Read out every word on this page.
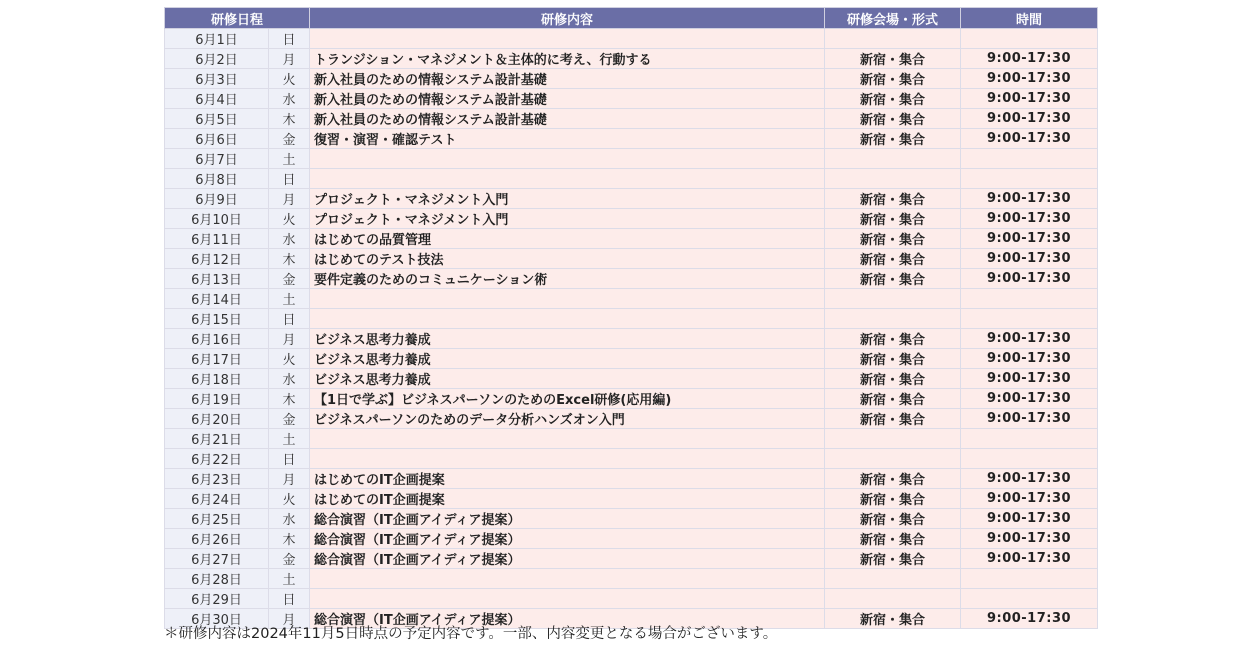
研修日程		研修内容	研修会場・形式	時間
6月1日	日			
6月2日	月	トランジション・マネジメント＆主体的に考え、行動する	新宿・集合	9:00-17:30
6月3日	火	新入社員のための情報システム設計基礎	新宿・集合	9:00-17:30
6月4日	水	新入社員のための情報システム設計基礎	新宿・集合	9:00-17:30
6月5日	木	新入社員のための情報システム設計基礎	新宿・集合	9:00-17:30
6月6日	金	復習・演習・確認テスト	新宿・集合	9:00-17:30
6月7日	土			
6月8日	日			
6月9日	月	プロジェクト・マネジメント入門	新宿・集合	9:00-17:30
6月10日	火	プロジェクト・マネジメント入門	新宿・集合	9:00-17:30
6月11日	水	はじめての品質管理	新宿・集合	9:00-17:30
6月12日	木	はじめてのテスト技法	新宿・集合	9:00-17:30
6月13日	金	要件定義のためのコミュニケーション術	新宿・集合	9:00-17:30
6月14日	土			
6月15日	日			
6月16日	月	ビジネス思考力養成	新宿・集合	9:00-17:30
6月17日	火	ビジネス思考力養成	新宿・集合	9:00-17:30
6月18日	水	ビジネス思考力養成	新宿・集合	9:00-17:30
6月19日	木	【1日で学ぶ】ビジネスパーソンのためのExcel研修(応用編)	新宿・集合	9:00-17:30
6月20日	金	ビジネスパーソンのためのデータ分析ハンズオン入門	新宿・集合	9:00-17:30
6月21日	土			
6月22日	日			
6月23日	月	はじめてのIT企画提案	新宿・集合	9:00-17:30
6月24日	火	はじめてのIT企画提案	新宿・集合	9:00-17:30
6月25日	水	総合演習（IT企画アイディア提案）	新宿・集合	9:00-17:30
6月26日	木	総合演習（IT企画アイディア提案）	新宿・集合	9:00-17:30
6月27日	金	総合演習（IT企画アイディア提案）	新宿・集合	9:00-17:30
6月28日	土			
6月29日	日			
6月30日	月	総合演習（IT企画アイディア提案）	新宿・集合	9:00-17:30
＊研修内容は2024年11月5日時点の予定内容です。一部、内容変更となる場合がございます。
